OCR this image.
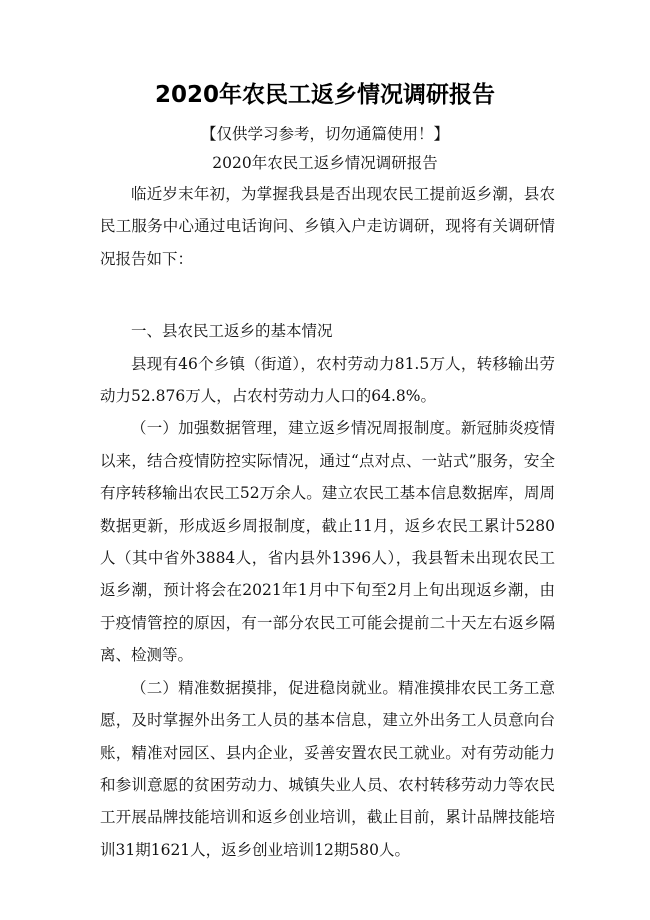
2020年农民工返乡情况调研报告
【仅供学习参考，切勿通篇使用！】
2020年农民工返乡情况调研报告

临近岁末年初，为掌握我县是否出现农民工提前返乡潮，县农民工服务中心通过电话询问、乡镇入户走访调研，现将有关调研情况报告如下：

一、县农民工返乡的基本情况

县现有46个乡镇（街道），农村劳动力81.5万人，转移输出劳动力52.876万人，占农村劳动力人口的64.8%。

（一）加强数据管理，建立返乡情况周报制度。新冠肺炎疫情以来，结合疫情防控实际情况，通过“点对点、一站式”服务，安全有序转移输出农民工52万余人。建立农民工基本信息数据库，周周数据更新，形成返乡周报制度，截止11月，返乡农民工累计5280人（其中省外3884人，省内县外1396人），我县暂未出现农民工返乡潮，预计将会在2021年1月中下旬至2月上旬出现返乡潮，由于疫情管控的原因，有一部分农民工可能会提前二十天左右返乡隔离、检测等。

（二）精准数据摸排，促进稳岗就业。精准摸排农民工务工意愿，及时掌握外出务工人员的基本信息，建立外出务工人员意向台账，精准对园区、县内企业，妥善安置农民工就业。对有劳动能力和参训意愿的贫困劳动力、城镇失业人员、农村转移劳动力等农民工开展品牌技能培训和返乡创业培训，截止目前，累计品牌技能培训31期1621人，返乡创业培训12期580人。
